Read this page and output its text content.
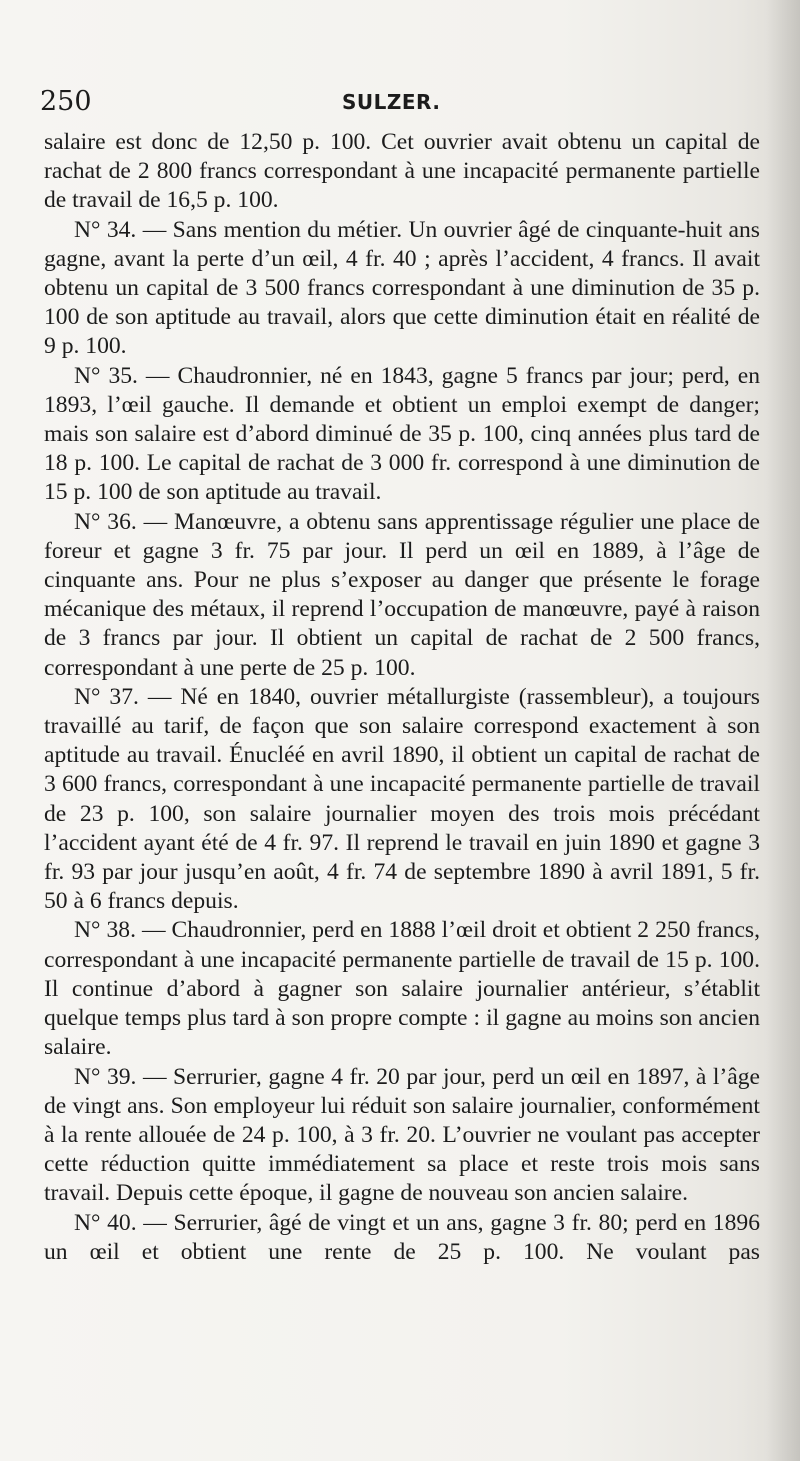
250	SULZER.

salaire est donc de 12,50 p. 100. Cet ouvrier avait obtenu un capital de rachat de 2 800 francs correspondant à une incapacité permanente partielle de travail de 16,5 p. 100.

N° 34. — Sans mention du métier. Un ouvrier âgé de cinquante-huit ans gagne, avant la perte d’un œil, 4 fr. 40 ; après l’accident, 4 francs. Il avait obtenu un capital de 3 500 francs correspondant à une diminution de 35 p. 100 de son aptitude au travail, alors que cette diminution était en réalité de 9 p. 100.

N° 35. — Chaudronnier, né en 1843, gagne 5 francs par jour; perd, en 1893, l’œil gauche. Il demande et obtient un emploi exempt de danger; mais son salaire est d’abord diminué de 35 p. 100, cinq années plus tard de 18 p. 100. Le capital de rachat de 3 000 fr. correspond à une diminution de 15 p. 100 de son aptitude au travail.

N° 36. — Manœuvre, a obtenu sans apprentissage régulier une place de foreur et gagne 3 fr. 75 par jour. Il perd un œil en 1889, à l’âge de cinquante ans. Pour ne plus s’exposer au danger que présente le forage mécanique des métaux, il reprend l’occupation de manœuvre, payé à raison de 3 francs par jour. Il obtient un capital de rachat de 2 500 francs, correspondant à une perte de 25 p. 100.

N° 37. — Né en 1840, ouvrier métallurgiste (rassembleur), a toujours travaillé au tarif, de façon que son salaire correspond exactement à son aptitude au travail. Énucléé en avril 1890, il obtient un capital de rachat de 3 600 francs, correspondant à une incapacité permanente partielle de travail de 23 p. 100, son salaire journalier moyen des trois mois précédant l’accident ayant été de 4 fr. 97. Il reprend le travail en juin 1890 et gagne 3 fr. 93 par jour jusqu’en août, 4 fr. 74 de septembre 1890 à avril 1891, 5 fr. 50 à 6 francs depuis.

N° 38. — Chaudronnier, perd en 1888 l’œil droit et obtient 2 250 francs, correspondant à une incapacité permanente partielle de travail de 15 p. 100. Il continue d’abord à gagner son salaire journalier antérieur, s’établit quelque temps plus tard à son propre compte : il gagne au moins son ancien salaire.

N° 39. — Serrurier, gagne 4 fr. 20 par jour, perd un œil en 1897, à l’âge de vingt ans. Son employeur lui réduit son salaire journalier, conformément à la rente allouée de 24 p. 100, à 3 fr. 20. L’ouvrier ne voulant pas accepter cette réduction quitte immédiatement sa place et reste trois mois sans travail. Depuis cette époque, il gagne de nouveau son ancien salaire.

N° 40. — Serrurier, âgé de vingt et un ans, gagne 3 fr. 80; perd en 1896 un œil et obtient une rente de 25 p. 100. Ne voulant pas
